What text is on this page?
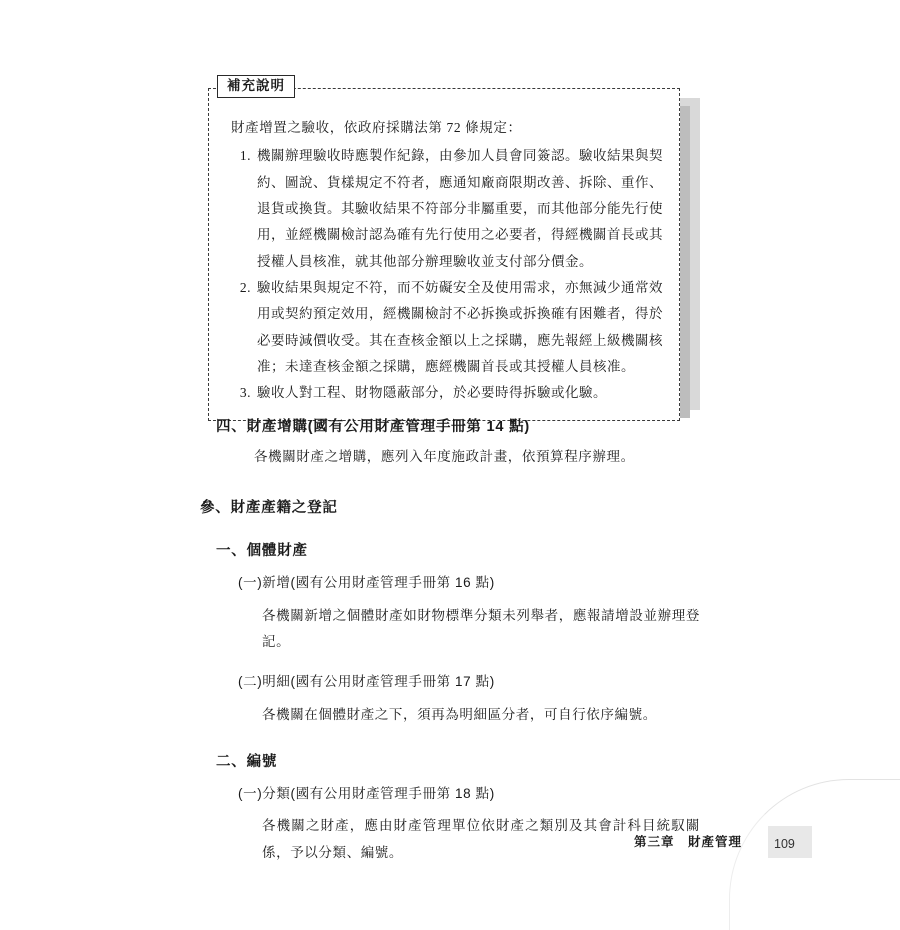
補充說明
財產增置之驗收，依政府採購法第 72 條規定：
1. 機關辦理驗收時應製作紀錄，由參加人員會同簽認。驗收結果與契約、圖說、貨樣規定不符者，應通知廠商限期改善、拆除、重作、退貨或換貨。其驗收結果不符部分非屬重要，而其他部分能先行使用，並經機關檢討認為確有先行使用之必要者，得經機關首長或其授權人員核准，就其他部分辦理驗收並支付部分價金。
2. 驗收結果與規定不符，而不妨礙安全及使用需求，亦無減少通常效用或契約預定效用，經機關檢討不必拆換或拆換確有困難者，得於必要時減價收受。其在查核金額以上之採購，應先報經上級機關核准；未達查核金額之採購，應經機關首長或其授權人員核准。
3. 驗收人對工程、財物隱蔽部分，於必要時得拆驗或化驗。
四、財產增購(國有公用財產管理手冊第 14 點)
各機關財產之增購，應列入年度施政計畫，依預算程序辦理。
參、財產產籍之登記
一、個體財產
(一)新增(國有公用財產管理手冊第 16 點)
各機關新增之個體財產如財物標準分類未列舉者，應報請增設並辦理登記。
(二)明細(國有公用財產管理手冊第 17 點)
各機關在個體財產之下，須再為明細區分者，可自行依序編號。
二、編號
(一)分類(國有公用財產管理手冊第 18 點)
各機關之財產，應由財產管理單位依財產之類別及其會計科目統馭關係，予以分類、編號。
第三章　財產管理	109
